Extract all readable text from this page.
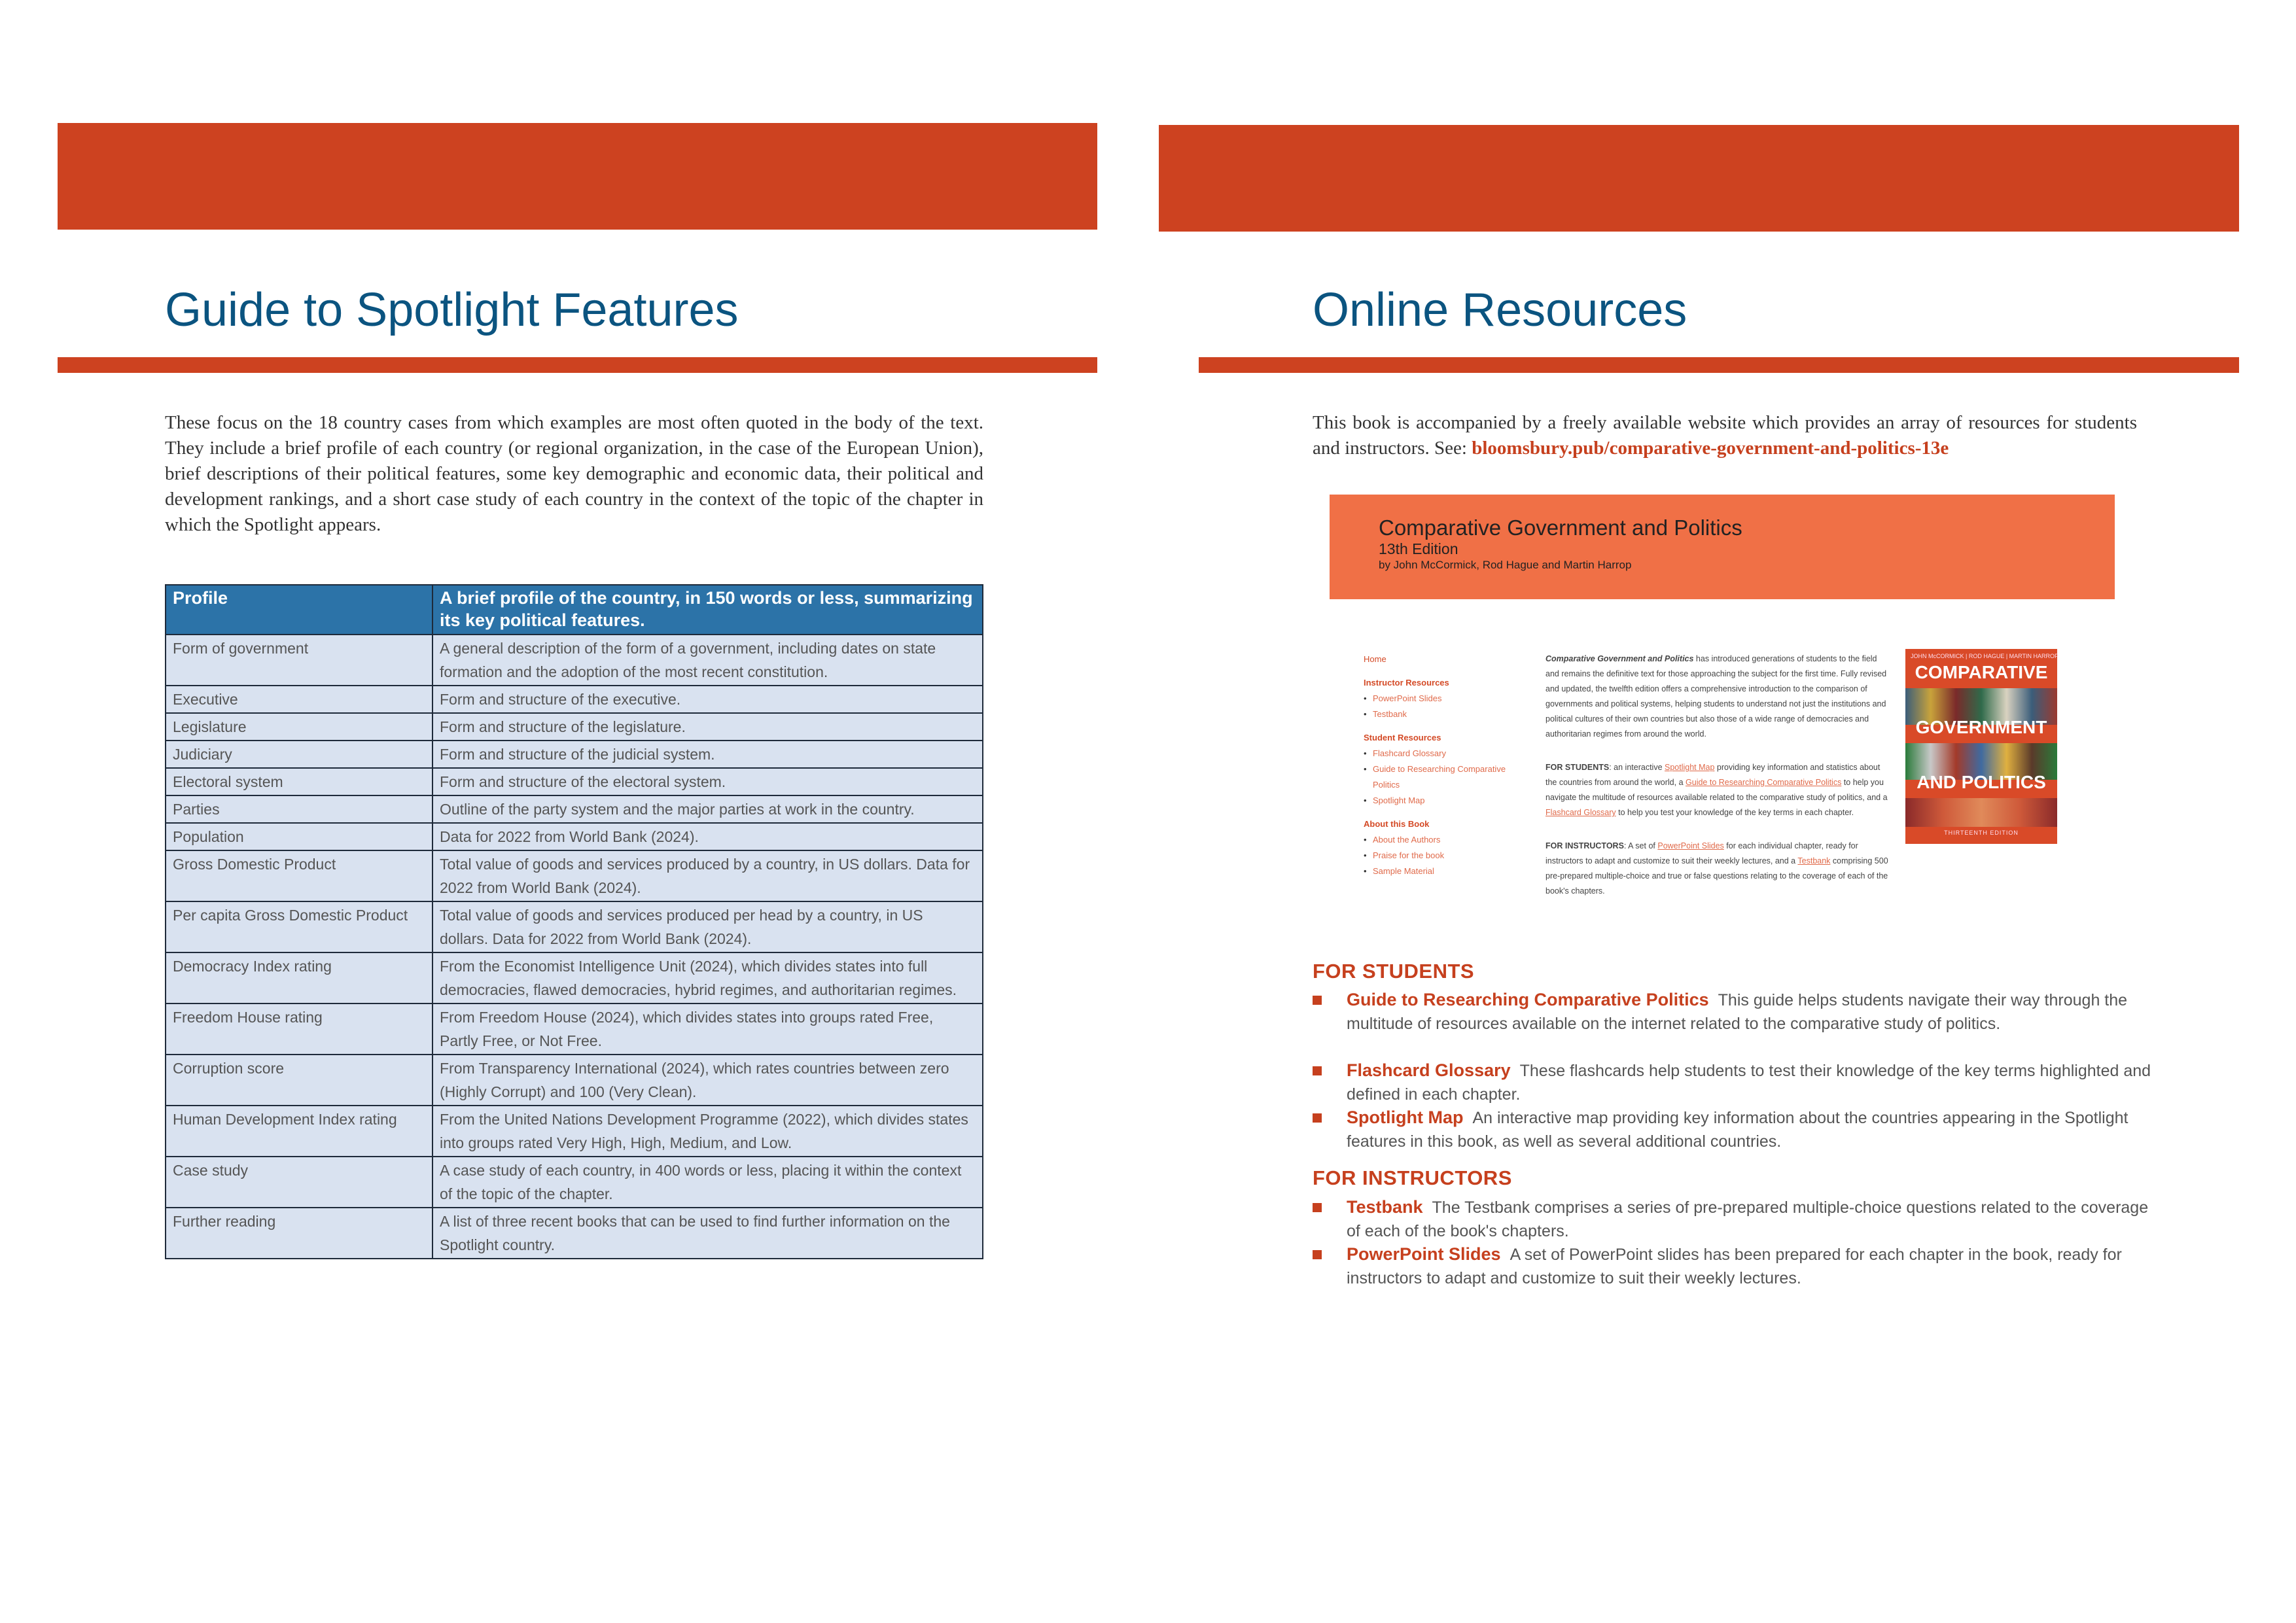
Guide to Spotlight Features

These focus on the 18 country cases from which examples are most often quoted in the body of the text. They include a brief profile of each country (or regional organization, in the case of the European Union), brief descriptions of their political features, some key demographic and economic data, their political and development rankings, and a short case study of each country in the context of the topic of the chapter in which the Spotlight appears.

Profile	A brief profile of the country, in 150 words or less, summarizing its key political features.
Form of government	A general description of the form of a government, including dates on state formation and the adoption of the most recent constitution.
Executive	Form and structure of the executive.
Legislature	Form and structure of the legislature.
Judiciary	Form and structure of the judicial system.
Electoral system	Form and structure of the electoral system.
Parties	Outline of the party system and the major parties at work in the country.
Population	Data for 2022 from World Bank (2024).
Gross Domestic Product	Total value of goods and services produced by a country, in US dollars. Data for 2022 from World Bank (2024).
Per capita Gross Domestic Product	Total value of goods and services produced per head by a country, in US dollars. Data for 2022 from World Bank (2024).
Democracy Index rating	From the Economist Intelligence Unit (2024), which divides states into full democracies, flawed democracies, hybrid regimes, and authoritarian regimes.
Freedom House rating	From Freedom House (2024), which divides states into groups rated Free, Partly Free, or Not Free.
Corruption score	From Transparency International (2024), which rates countries between zero (Highly Corrupt) and 100 (Very Clean).
Human Development Index rating	From the United Nations Development Programme (2022), which divides states into groups rated Very High, High, Medium, and Low.
Case study	A case study of each country, in 400 words or less, placing it within the context of the topic of the chapter.
Further reading	A list of three recent books that can be used to find further information on the Spotlight country.
Online Resources

This book is accompanied by a freely available website which provides an array of resources for students and instructors. See: bloomsbury.pub/comparative-government-and-politics-13e

Comparative Government and Politics
13th Edition
by John McCormick, Rod Hague and Martin Harrop
Home
Instructor Resources
• PowerPoint Slides
• Testbank
Student Resources
• Flashcard Glossary
• Guide to Researching Comparative Politics
• Spotlight Map
About this Book
• About the Authors
• Praise for the book
• Sample Material

Comparative Government and Politics has introduced generations of students to the field and remains the definitive text for those approaching the subject for the first time. Fully revised and updated, the twelfth edition offers a comprehensive introduction to the comparison of governments and political systems, helping students to understand not just the institutions and political cultures of their own countries but also those of a wide range of democracies and authoritarian regimes from around the world.

FOR STUDENTS: an interactive Spotlight Map providing key information and statistics about the countries from around the world, a Guide to Researching Comparative Politics to help you navigate the multitude of resources available related to the comparative study of politics, and a Flashcard Glossary to help you test your knowledge of the key terms in each chapter.

FOR INSTRUCTORS: A set of PowerPoint Slides for each individual chapter, ready for instructors to adapt and customize to suit their weekly lectures, and a Testbank comprising 500 pre-prepared multiple-choice and true or false questions relating to the coverage of each of the book's chapters.

JOHN McCORMICK | ROD HAGUE | MARTIN HARROP
COMPARATIVE
GOVERNMENT
AND POLITICS
THIRTEENTH EDITION
FOR STUDENTS
Guide to Researching Comparative Politics This guide helps students navigate their way through the multitude of resources available on the internet related to the comparative study of politics.
Flashcard Glossary These flashcards help students to test their knowledge of the key terms highlighted and defined in each chapter.
Spotlight Map An interactive map providing key information about the countries appearing in the Spotlight features in this book, as well as several additional countries.
FOR INSTRUCTORS
Testbank The Testbank comprises a series of pre-prepared multiple-choice questions related to the coverage of each of the book's chapters.
PowerPoint Slides A set of PowerPoint slides has been prepared for each chapter in the book, ready for instructors to adapt and customize to suit their weekly lectures.
